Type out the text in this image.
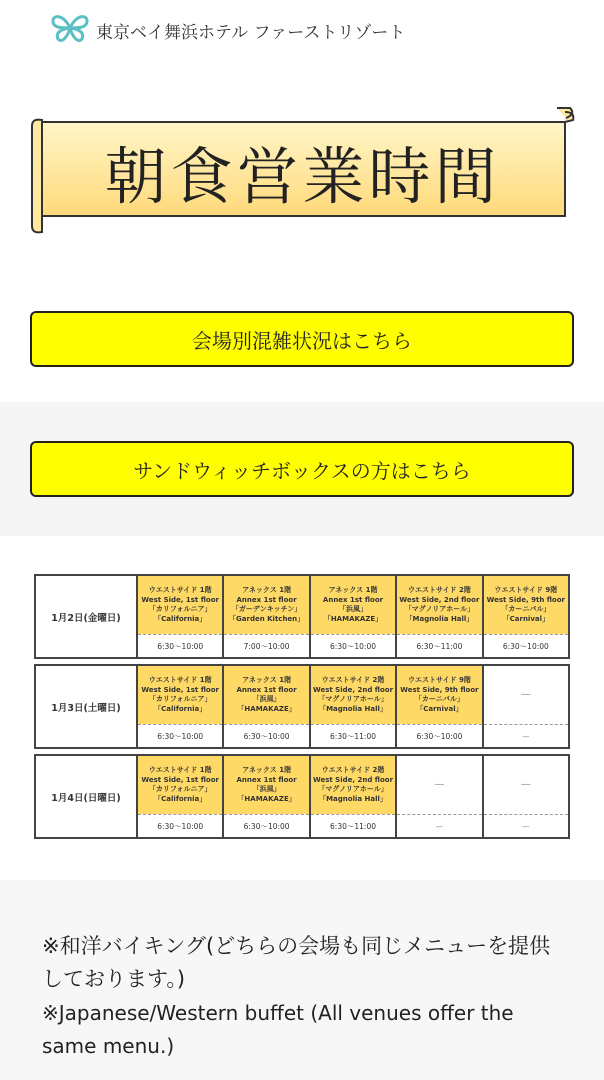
東京ベイ舞浜ホテル ファーストリゾート
朝食営業時間
会場別混雑状況はこちら
サンドウィッチボックスの方はこちら
1月2日(金曜日)
ウエストサイド 1階
West Side, 1st floor
「カリフォルニア」
「California」
6:30〜10:00
アネックス 1階
Annex 1st floor
「ガーデンキッチン」
「Garden Kitchen」
7:00〜10:00
アネックス 1階
Annex 1st floor
「浜風」
「HAMAKAZE」
6:30〜10:00
ウエストサイド 2階
West Side, 2nd floor
「マグノリアホール」
「Magnolia Hall」
6:30〜11:00
ウエストサイド 9階
West Side, 9th floor
「カーニバル」
「Carnival」
6:30〜10:00
1月3日(土曜日)
ウエストサイド 1階
West Side, 1st floor
「カリフォルニア」
「California」
6:30〜10:00
アネックス 1階
Annex 1st floor
「浜風」
「HAMAKAZE」
6:30〜10:00
ウエストサイド 2階
West Side, 2nd floor
「マグノリアホール」
「Magnolia Hall」
6:30〜11:00
ウエストサイド 9階
West Side, 9th floor
「カーニバル」
「Carnival」
6:30〜10:00
—
—
1月4日(日曜日)
ウエストサイド 1階
West Side, 1st floor
「カリフォルニア」
「California」
6:30〜10:00
アネックス 1階
Annex 1st floor
「浜風」
「HAMAKAZE」
6:30〜10:00
ウエストサイド 2階
West Side, 2nd floor
「マグノリアホール」
「Magnolia Hall」
6:30〜11:00
—
—
—
—
※和洋バイキング(どちらの会場も同じメニューを提供しております。)
※Japanese/Western buffet (All venues offer the same menu.)
